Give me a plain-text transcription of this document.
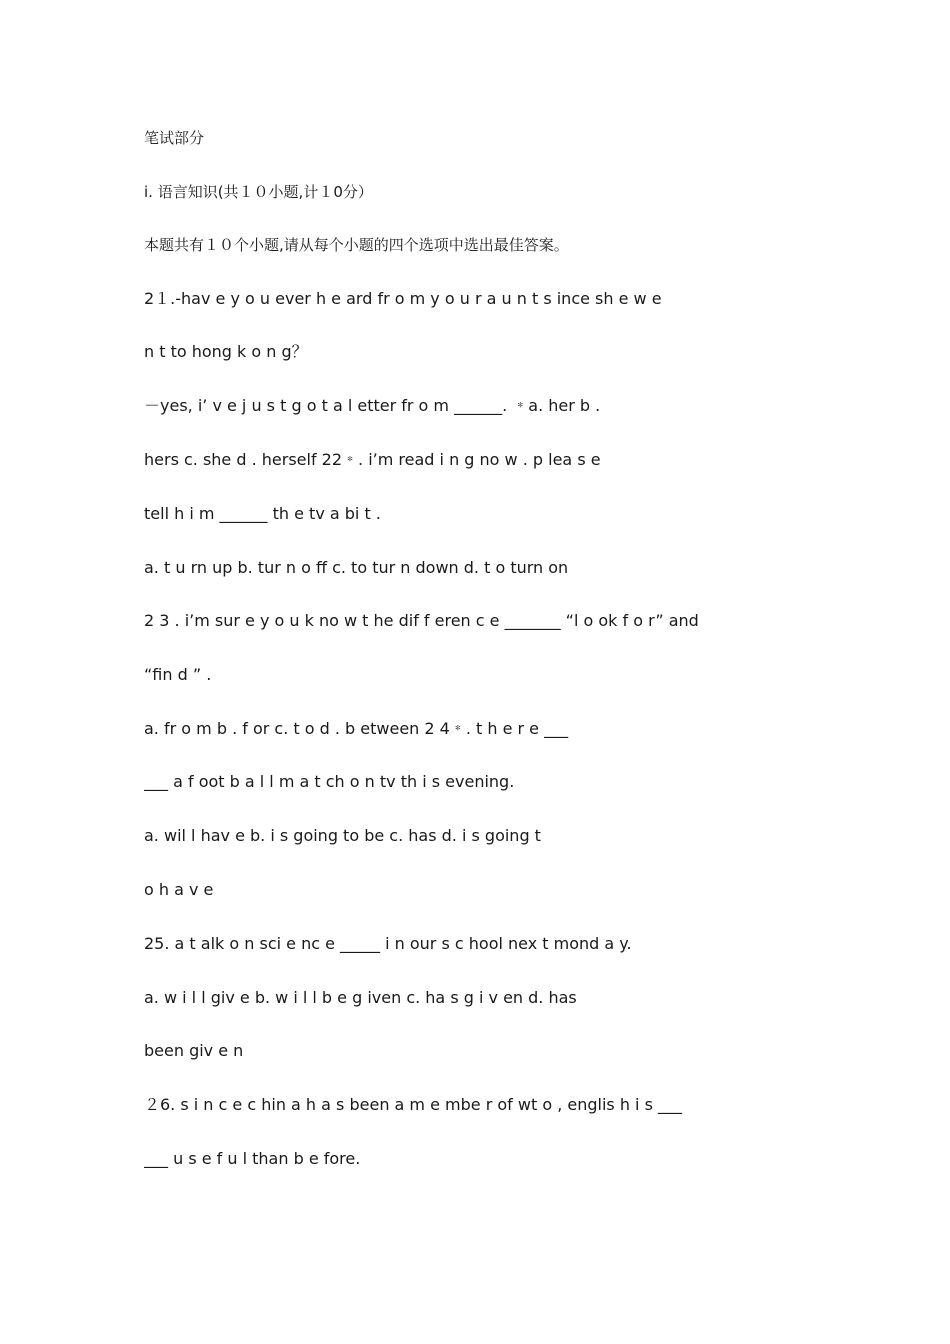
笔试部分
ⅰ. 语言知识(共１０小题,计１0分）
本题共有１０个小题,请从每个小题的四个选项中选出最佳答案。
2１.-hav e y o u ever h e ard fr o m y o u r a u n t s ince sh e w e
n t to hong k o n g？
－yes, i’ v e j u s t g o t a l etter fr o m ______. ﹡a. her b .
hers c. she d . herself 22﹡. i’m read i n g no w . p lea s e
tell h i m ______ th e tv a bi t .
a. t u rn up b. tur n o ff c. to tur n down d. t o turn on
2 3 . i’m sur e y o u k no w t he dif f eren c e _______ “l o ok f o r” and
“fin d ” .
a. fr o m b . f or c. t o d . b etween 2 4﹡. t h e r e ___
___ a f oot b a l l m a t ch o n tv th i s evening.
a. wil l hav e b. i s going to be c. has d. i s going t
o h a v e
25. a t alk o n sci e nc e _____ i n our s c hool nex t mond a y.
a. w i l l giv e b. w i l l b e g iven c. ha s g i v en d. has
been giv e n
２6. s i n c e c hin a h a s been a m e mbe r of wt o , englis h i s ___
___ u s e f u l than b e fore.
